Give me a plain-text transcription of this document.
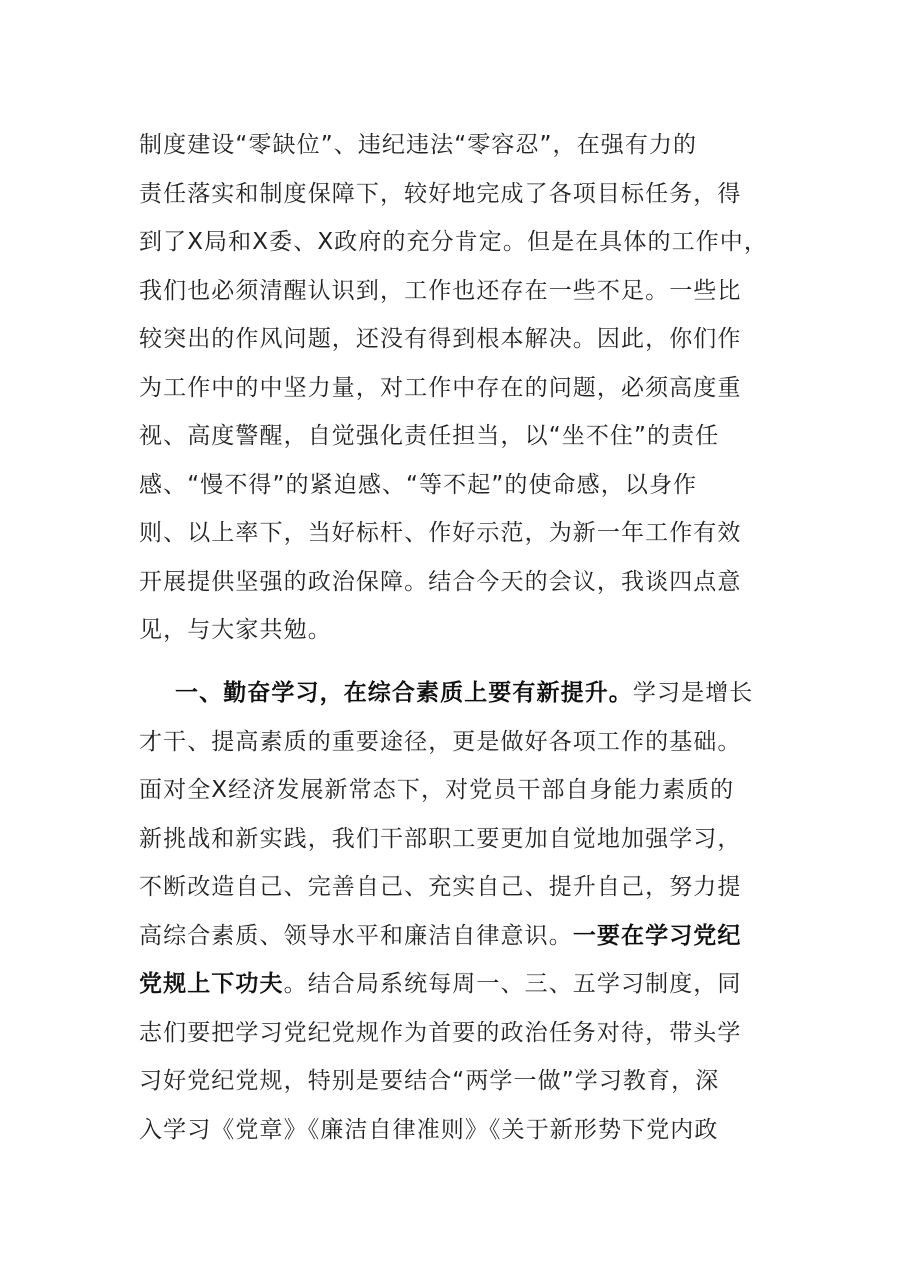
制度建设“零缺位”、违纪违法“零容忍”，在强有力的
责任落实和制度保障下，较好地完成了各项目标任务，得
到了X局和X委、X政府的充分肯定。但是在具体的工作中，
我们也必须清醒认识到，工作也还存在一些不足。一些比
较突出的作风问题，还没有得到根本解决。因此，你们作
为工作中的中坚力量，对工作中存在的问题，必须高度重
视、高度警醒，自觉强化责任担当，以“坐不住”的责任
感、“慢不得”的紧迫感、“等不起”的使命感，以身作
则、以上率下，当好标杆、作好示范，为新一年工作有效
开展提供坚强的政治保障。结合今天的会议，我谈四点意
见，与大家共勉。
一、勤奋学习，在综合素质上要有新提升。学习是增长
才干、提高素质的重要途径，更是做好各项工作的基础。
面对全X经济发展新常态下，对党员干部自身能力素质的
新挑战和新实践，我们干部职工要更加自觉地加强学习，
不断改造自己、完善自己、充实自己、提升自己，努力提
高综合素质、领导水平和廉洁自律意识。一要在学习党纪
党规上下功夫。结合局系统每周一、三、五学习制度，同
志们要把学习党纪党规作为首要的政治任务对待，带头学
习好党纪党规，特别是要结合“两学一做”学习教育，深
入学习《党章》《廉洁自律准则》《关于新形势下党内政
